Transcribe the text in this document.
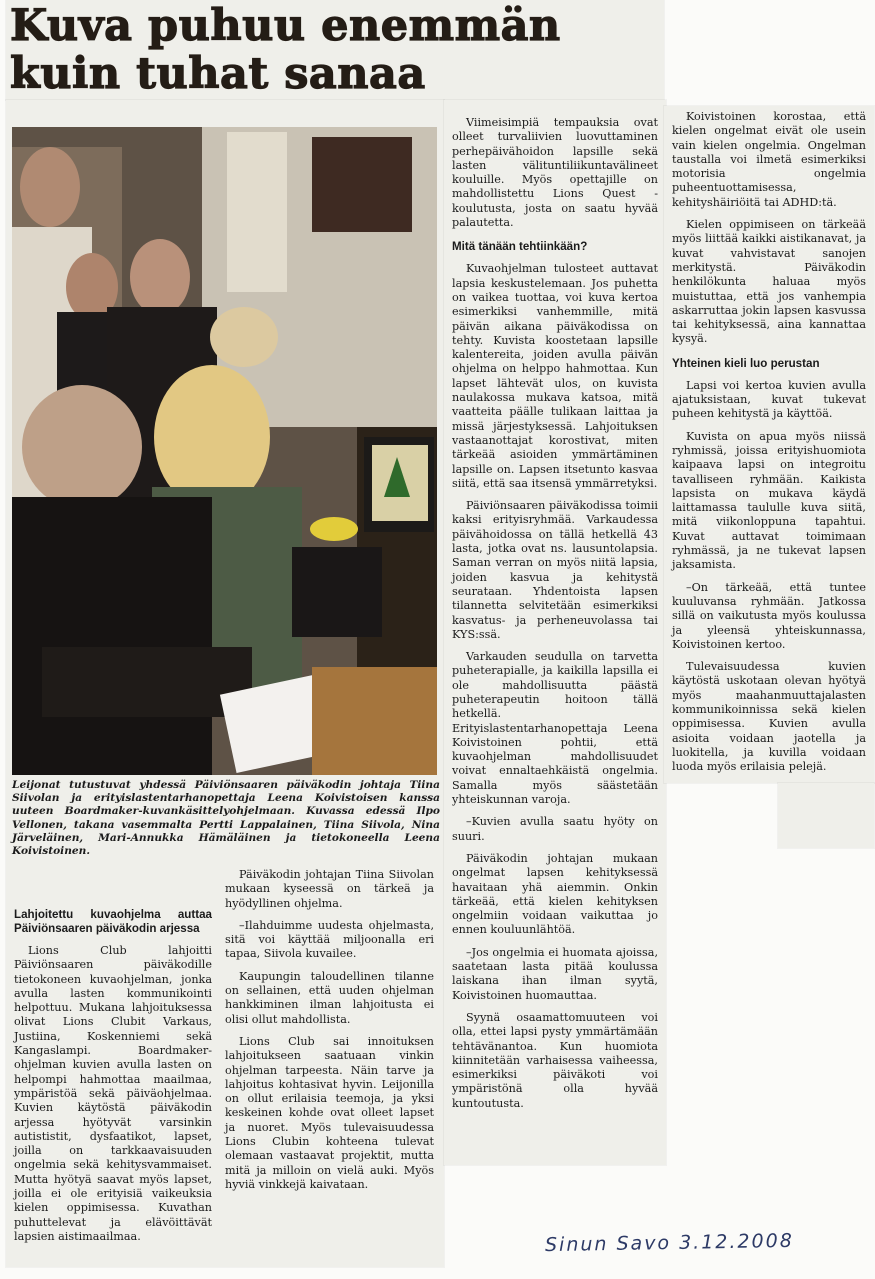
Kuva puhuu enemmän kuin tuhat sanaa

Leijonat tutustuvat yhdessä Päiviönsaaren päiväkodin johtaja Tiina Siivolan ja erityislastentarhanopettaja Leena Koivistoisen kanssa uuteen Boardmaker-kuvankäsittelyohjelmaan. Kuvassa edessä Ilpo Vellonen, takana vasemmalta Pertti Lappalainen, Tiina Siivola, Nina Järveläinen, Mari-Annukka Hämäläinen ja tietokoneella Leena Koivistoinen.

Lahjoitettu kuvaohjelma auttaa Päiviönsaaren päiväkodin arjessa

Lions Club lahjoitti Päiviönsaaren päiväkodille tietokoneen kuvaohjelman, jonka avulla lasten kommunikointi helpottuu. Mukana lahjoituksessa olivat Lions Clubit Varkaus, Justiina, Koskenniemi sekä Kangaslampi. Boardmaker-ohjelman kuvien avulla lasten on helpompi hahmottaa maailmaa, ympäristöä sekä päiväohjelmaa. Kuvien käytöstä päiväkodin arjessa hyötyvät varsinkin autististit, dysfaatikot, lapset, joilla on tarkkaavaisuuden ongelmia sekä kehitysvammaiset. Mutta hyötyä saavat myös lapset, joilla ei ole erityisiä vaikeuksia kielen oppimisessa. Kuvathan puhuttelevat ja elävöittävät lapsien aistimaailmaa.

Päiväkodin johtajan Tiina Siivolan mukaan kyseessä on tärkeä ja hyödyllinen ohjelma.

–Ilahduimme uudesta ohjelmasta, sitä voi käyttää miljoonalla eri tapaa, Siivola kuvailee.

Kaupungin taloudellinen tilanne on sellainen, että uuden ohjelman hankkiminen ilman lahjoitusta ei olisi ollut mahdollista.

Lions Club sai innoituksen lahjoitukseen saatuaan vinkin ohjelman tarpeesta. Näin tarve ja lahjoitus kohtasivat hyvin. Leijonilla on ollut erilaisia teemoja, ja yksi keskeinen kohde ovat olleet lapset ja nuoret. Myös tulevaisuudessa Lions Clubin kohteena tulevat olemaan vastaavat projektit, mutta mitä ja milloin on vielä auki. Myös hyviä vinkkejä kaivataan.

Viimeisimpiä tempauksia ovat olleet turvaliivien luovuttaminen perhepäivähoidon lapsille sekä lasten välituntiliikuntavälineet kouluille. Myös opettajille on mahdollistettu Lions Quest -koulutusta, josta on saatu hyvää palautetta.

Mitä tänään tehtiinkään?

Kuvaohjelman tulosteet auttavat lapsia keskustelemaan. Jos puhetta on vaikea tuottaa, voi kuva kertoa esimerkiksi vanhemmille, mitä päivän aikana päiväkodissa on tehty. Kuvista koostetaan lapsille kalentereita, joiden avulla päivän ohjelma on helppo hahmottaa. Kun lapset lähtevät ulos, on kuvista naulakossa mukava katsoa, mitä vaatteita päälle tulikaan laittaa ja missä järjestyksessä. Lahjoituksen vastaanottajat korostivat, miten tärkeää asioiden ymmärtäminen lapsille on. Lapsen itsetunto kasvaa siitä, että saa itsensä ymmärretyksi.

Päiviönsaaren päiväkodissa toimii kaksi erityisryhmää. Varkaudessa päivähoidossa on tällä hetkellä 43 lasta, jotka ovat ns. lausuntolapsia. Saman verran on myös niitä lapsia, joiden kasvua ja kehitystä seurataan. Yhdentoista lapsen tilannetta selvitetään esimerkiksi kasvatus- ja perheneuvolassa tai KYS:ssä.

Varkauden seudulla on tarvetta puheterapialle, ja kaikilla lapsilla ei ole mahdollisuutta päästä puheterapeutin hoitoon tällä hetkellä. Erityislastentarhanopettaja Leena Koivistoinen pohtii, että kuvaohjelman mahdollisuudet voivat ennaltaehkäistä ongelmia. Samalla myös säästetään yhteiskunnan varoja.

–Kuvien avulla saatu hyöty on suuri.

Päiväkodin johtajan mukaan ongelmat lapsen kehityksessä havaitaan yhä aiemmin. Onkin tärkeää, että kielen kehityksen ongelmiin voidaan vaikuttaa jo ennen kouluunlähtöä.

–Jos ongelmia ei huomata ajoissa, saatetaan lasta pitää koulussa laiskana ihan ilman syytä, Koivistoinen huomauttaa.

Syynä osaamattomuuteen voi olla, ettei lapsi pysty ymmärtämään tehtävänantoa. Kun huomiota kiinnitetään varhaisessa vaiheessa, esimerkiksi päiväkoti voi ympäristönä olla hyvää kuntoutusta.

Koivistoinen korostaa, että kielen ongelmat eivät ole usein vain kielen ongelmia. Ongelman taustalla voi ilmetä esimerkiksi motorisia ongelmia puheentuottamisessa, kehityshäiriöitä tai ADHD:tä.

Kielen oppimiseen on tärkeää myös liittää kaikki aistikanavat, ja kuvat vahvistavat sanojen merkitystä. Päiväkodin henkilökunta haluaa myös muistuttaa, että jos vanhempia askarruttaa jokin lapsen kasvussa tai kehityksessä, aina kannattaa kysyä.

Yhteinen kieli luo perustan

Lapsi voi kertoa kuvien avulla ajatuksistaan, kuvat tukevat puheen kehitystä ja käyttöä.

Kuvista on apua myös niissä ryhmissä, joissa erityishuomiota kaipaava lapsi on integroitu tavalliseen ryhmään. Kaikista lapsista on mukava käydä laittamassa taululle kuva siitä, mitä viikonloppuna tapahtui. Kuvat auttavat toimimaan ryhmässä, ja ne tukevat lapsen jaksamista.

–On tärkeää, että tuntee kuuluvansa ryhmään. Jatkossa sillä on vaikutusta myös koulussa ja yleensä yhteiskunnassa, Koivistoinen kertoo.

Tulevaisuudessa kuvien käytöstä uskotaan olevan hyötyä myös maahanmuuttajalasten kommunikoinnissa sekä kielen oppimisessa. Kuvien avulla asioita voidaan jaotella ja luokitella, ja kuvilla voidaan luoda myös erilaisia pelejä.

Sinun Savo 3.12.2008
